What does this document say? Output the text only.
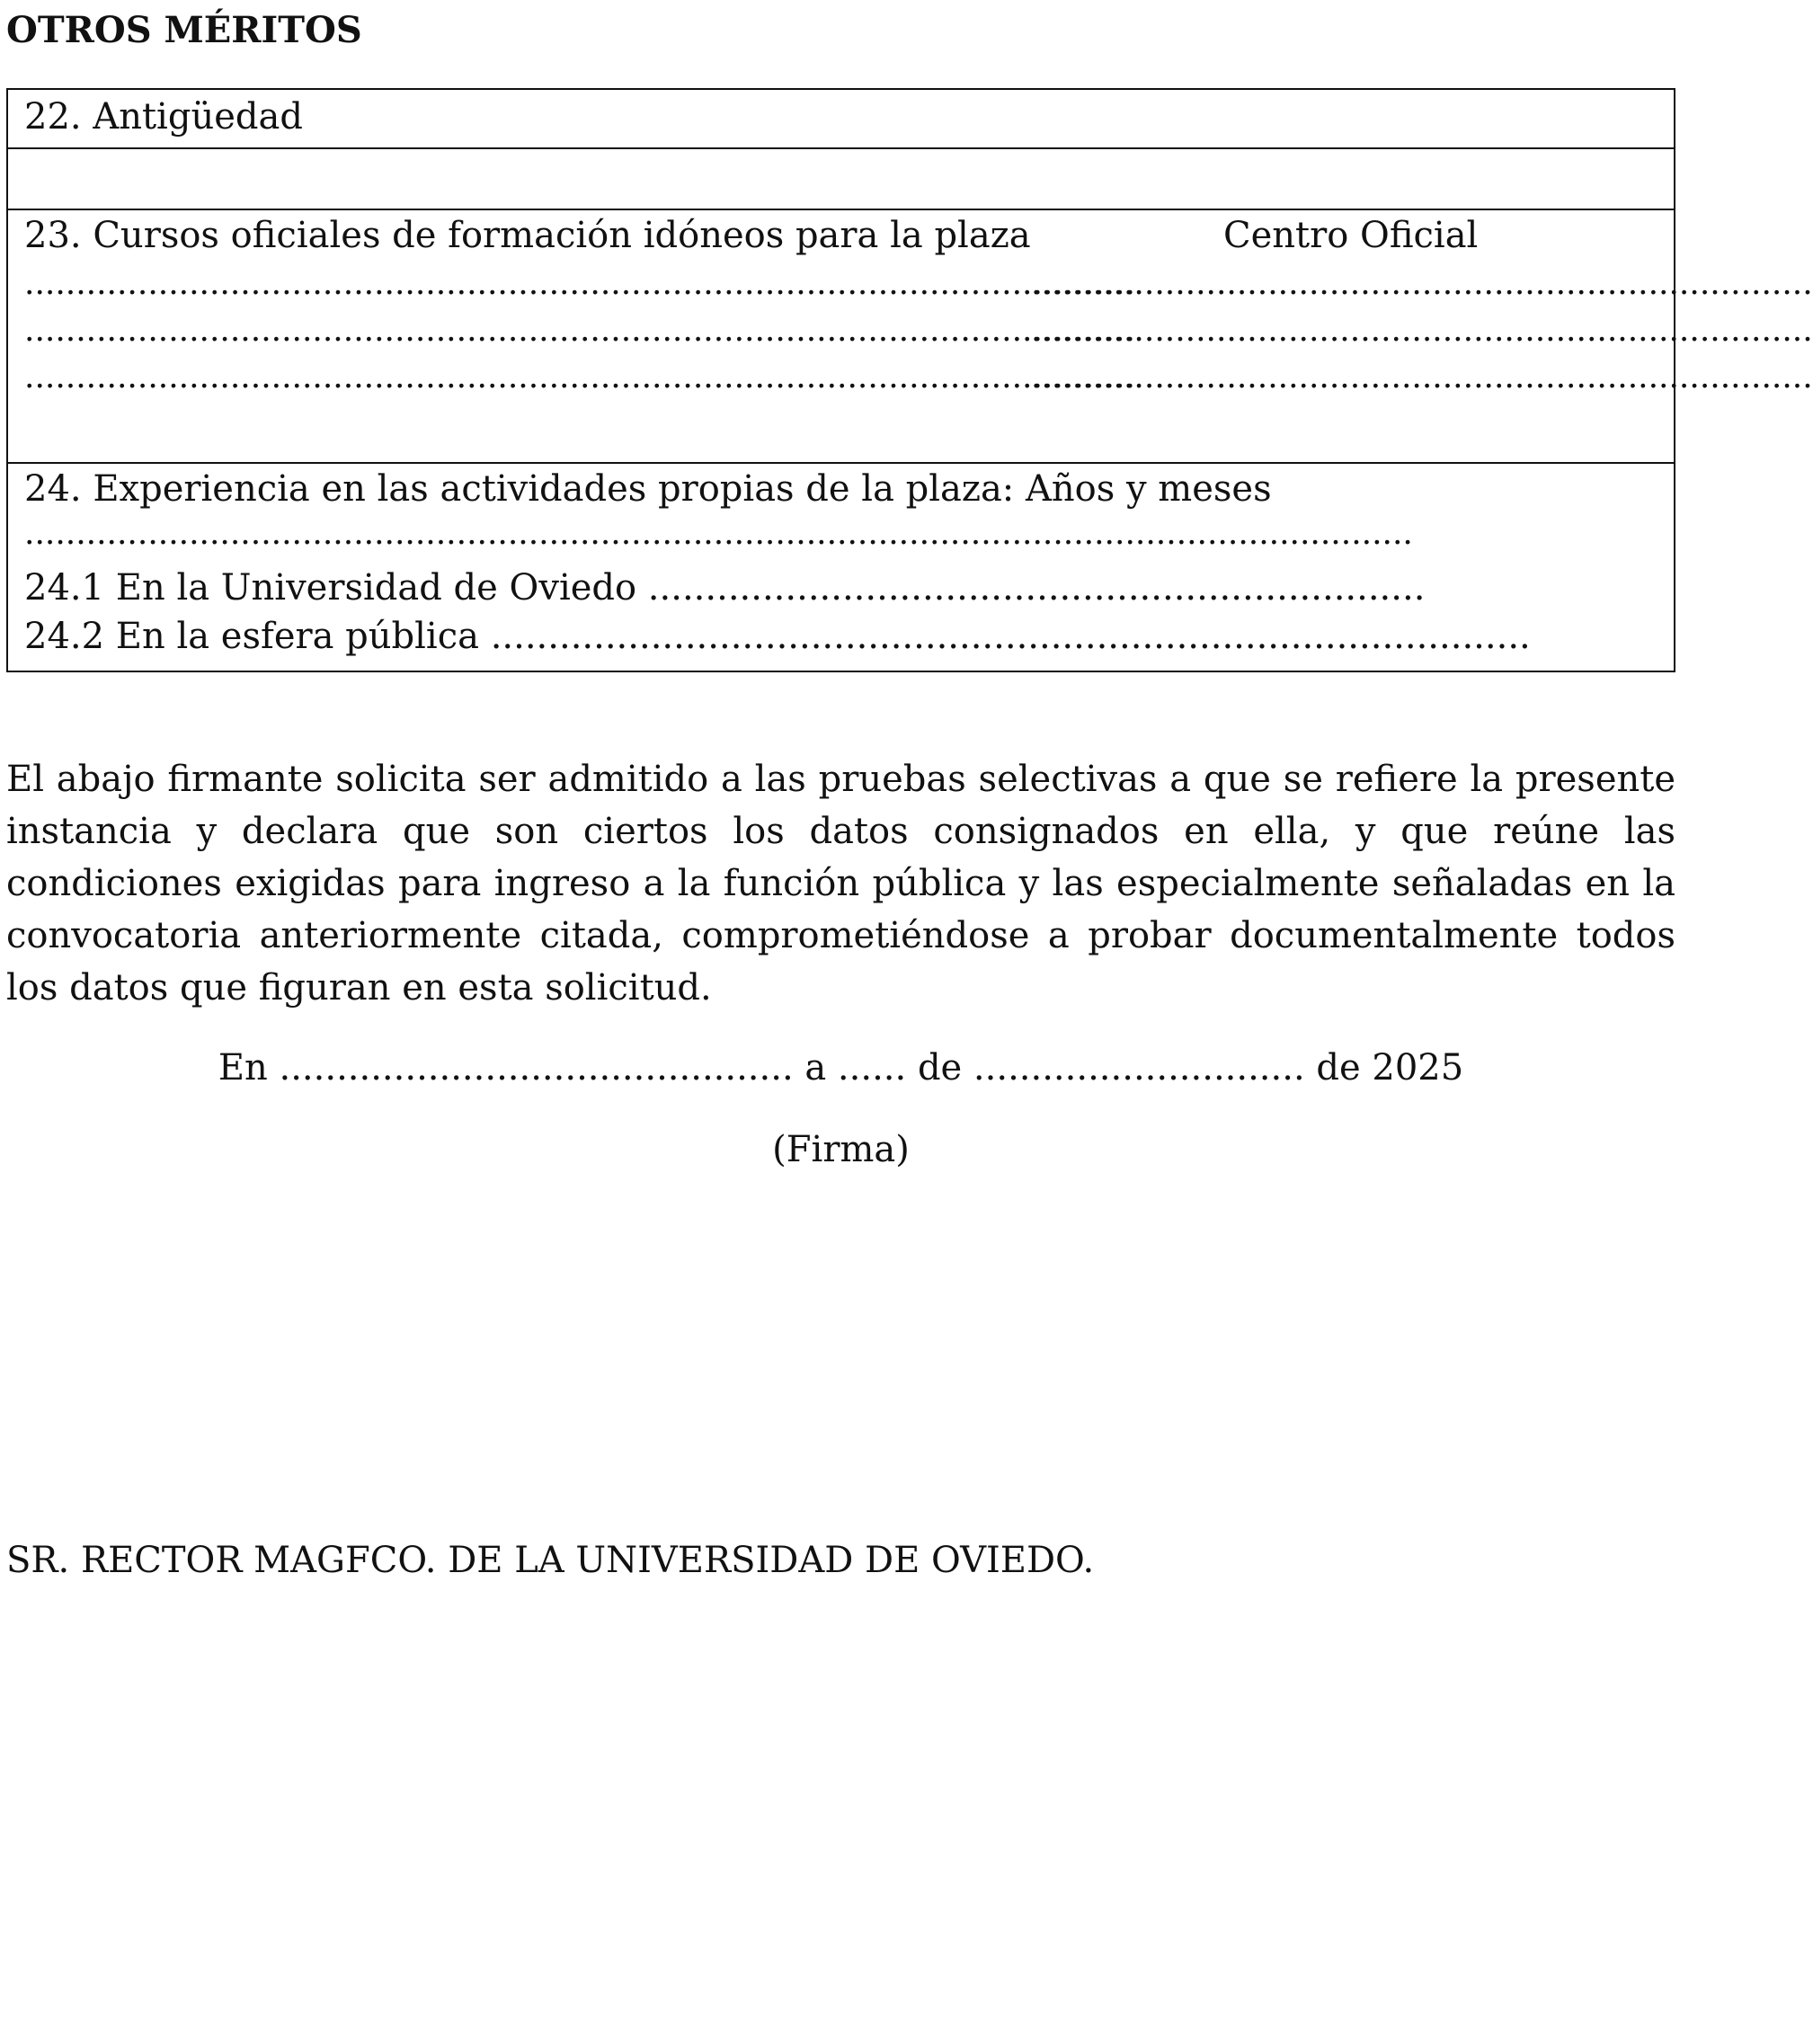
OTROS MÉRITOS
22. Antigüedad
23. Cursos oficiales de formación idóneos para la plaza	Centro Oficial
............................................................................................................
............................................................................................................
............................................................................................................
............................................................................
............................................................................
............................................................................
24. Experiencia en las actividades propias de la plaza: Años y meses
.......................................................................................................................................
24.1 En la Universidad de Oviedo ....................................................................
24.2 En la esfera pública ...........................................................................................
El abajo firmante solicita ser admitido a las pruebas selectivas a que se refiere la presente instancia y declara que son ciertos los datos consignados en ella, y que reúne las condiciones exigidas para ingreso a la función pública y las especialmente señaladas en la convocatoria anteriormente citada, comprometiéndose a probar documentalmente todos los datos que figuran en esta solicitud.
En ............................................. a ...... de ............................. de 2025
(Firma)
SR. RECTOR MAGFCO. DE LA UNIVERSIDAD DE OVIEDO.
